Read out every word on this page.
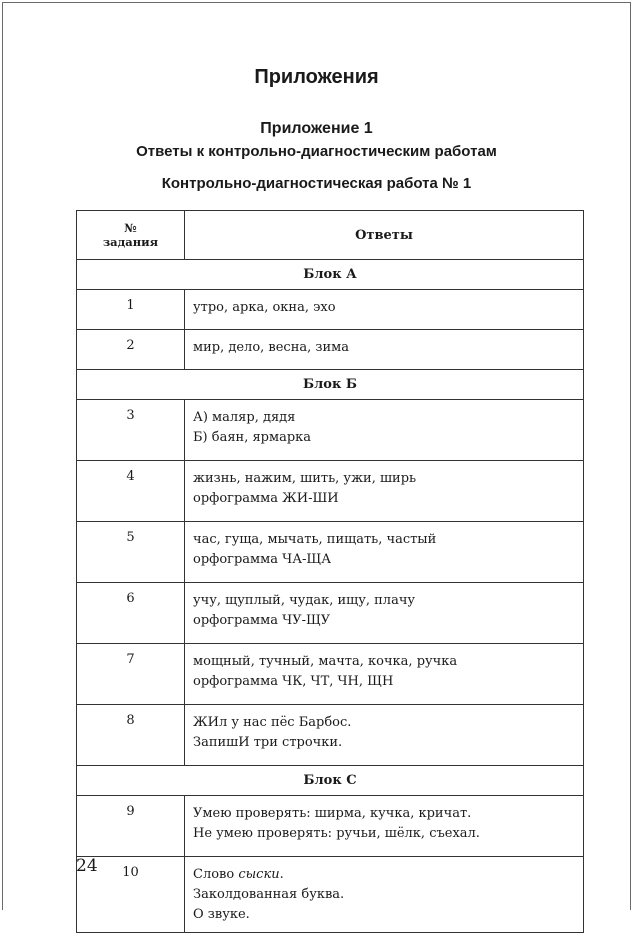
Приложения
Приложение 1
Ответы к контрольно-диагностическим работам
Контрольно-диагностическая работа № 1
№
задания	Ответы
Блок А	
1	утро, арка, окна, эхо

2	мир, дело, весна, зима

Блок Б	
3	А) маляр, дядя
Б) баян, ярмарка

4	жизнь, нажим, шить, ужи, ширь
орфограмма ЖИ-ШИ

5	час, гуща, мычать, пищать, частый
орфограмма ЧА-ЩА

6	учу, щуплый, чудак, ищу, плачу
орфограмма ЧУ-ЩУ

7	мощный, тучный, мачта, кочка, ручка
орфограмма ЧК, ЧТ, ЧН, ЩН

8	ЖИл у нас пёс Барбос.
ЗапишИ три строчки.

Блок С	
9	Умею проверять: ширма, кучка, кричат.
Не умею проверять: ручьи, шёлк, съехал.

10	Слово сыски.
Заколдованная буква.
О звуке.
24
